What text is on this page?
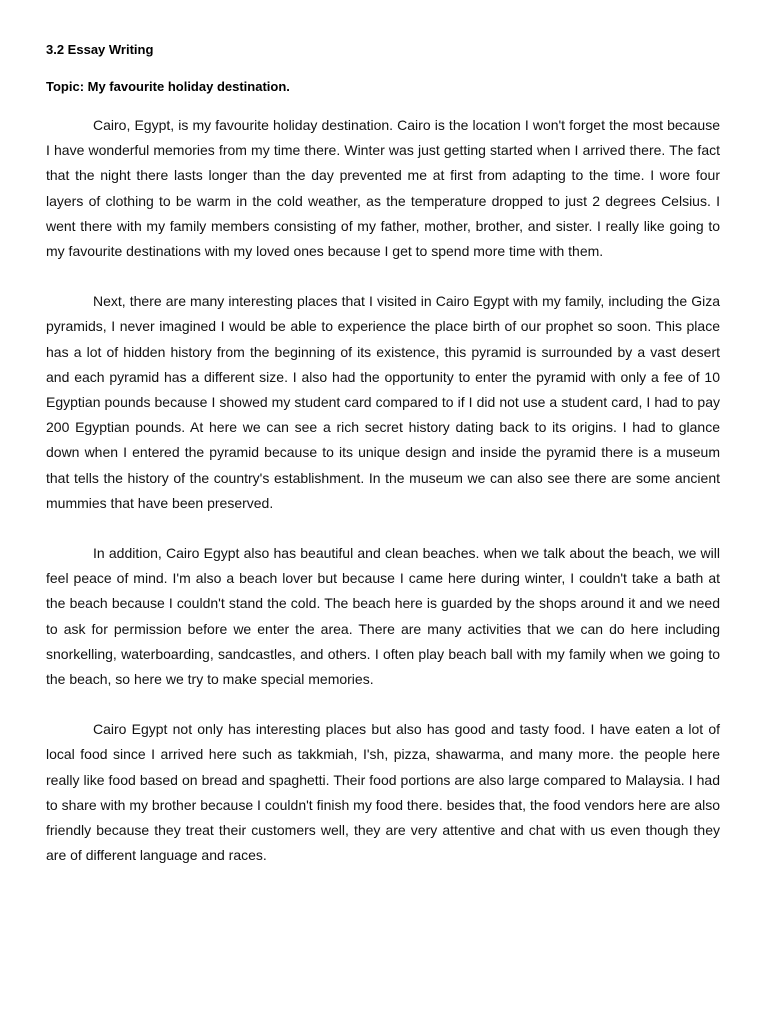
3.2 Essay Writing
Topic: My favourite holiday destination.

Cairo, Egypt, is my favourite holiday destination. Cairo is the location I won't forget the most because I have wonderful memories from my time there. Winter was just getting started when I arrived there. The fact that the night there lasts longer than the day prevented me at first from adapting to the time. I wore four layers of clothing to be warm in the cold weather, as the temperature dropped to just 2 degrees Celsius. I went there with my family members consisting of my father, mother, brother, and sister. I really like going to my favourite destinations with my loved ones because I get to spend more time with them.

Next, there are many interesting places that I visited in Cairo Egypt with my family, including the Giza pyramids, I never imagined I would be able to experience the place birth of our prophet so soon. This place has a lot of hidden history from the beginning of its existence, this pyramid is surrounded by a vast desert and each pyramid has a different size. I also had the opportunity to enter the pyramid with only a fee of 10 Egyptian pounds because I showed my student card compared to if I did not use a student card, I had to pay 200 Egyptian pounds. At here we can see a rich secret history dating back to its origins. I had to glance down when I entered the pyramid because to its unique design and inside the pyramid there is a museum that tells the history of the country's establishment. In the museum we can also see there are some ancient mummies that have been preserved.

In addition, Cairo Egypt also has beautiful and clean beaches. when we talk about the beach, we will feel peace of mind. I'm also a beach lover but because I came here during winter, I couldn't take a bath at the beach because I couldn't stand the cold. The beach here is guarded by the shops around it and we need to ask for permission before we enter the area. There are many activities that we can do here including snorkelling, waterboarding, sandcastles, and others. I often play beach ball with my family when we going to the beach, so here we try to make special memories.

Cairo Egypt not only has interesting places but also has good and tasty food. I have eaten a lot of local food since I arrived here such as takkmiah, I'sh, pizza, shawarma, and many more. the people here really like food based on bread and spaghetti. Their food portions are also large compared to Malaysia. I had to share with my brother because I couldn't finish my food there. besides that, the food vendors here are also friendly because they treat their customers well, they are very attentive and chat with us even though they are of different language and races.
